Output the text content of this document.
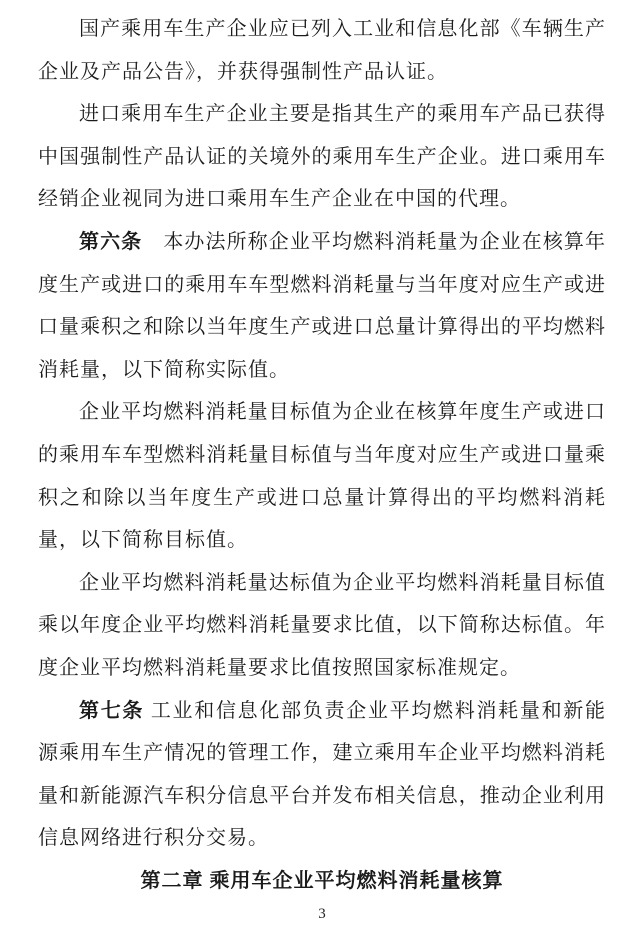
国产乘用车生产企业应已列入工业和信息化部《车辆生产企业及产品公告》，并获得强制性产品认证。

进口乘用车生产企业主要是指其生产的乘用车产品已获得中国强制性产品认证的关境外的乘用车生产企业。进口乘用车经销企业视同为进口乘用车生产企业在中国的代理。

第六条　本办法所称企业平均燃料消耗量为企业在核算年度生产或进口的乘用车车型燃料消耗量与当年度对应生产或进口量乘积之和除以当年度生产或进口总量计算得出的平均燃料消耗量，以下简称实际值。

企业平均燃料消耗量目标值为企业在核算年度生产或进口的乘用车车型燃料消耗量目标值与当年度对应生产或进口量乘积之和除以当年度生产或进口总量计算得出的平均燃料消耗量，以下简称目标值。

企业平均燃料消耗量达标值为企业平均燃料消耗量目标值乘以年度企业平均燃料消耗量要求比值，以下简称达标值。年度企业平均燃料消耗量要求比值按照国家标准规定。

第七条 工业和信息化部负责企业平均燃料消耗量和新能源乘用车生产情况的管理工作，建立乘用车企业平均燃料消耗量和新能源汽车积分信息平台并发布相关信息，推动企业利用信息网络进行积分交易。

第二章 乘用车企业平均燃料消耗量核算

3
